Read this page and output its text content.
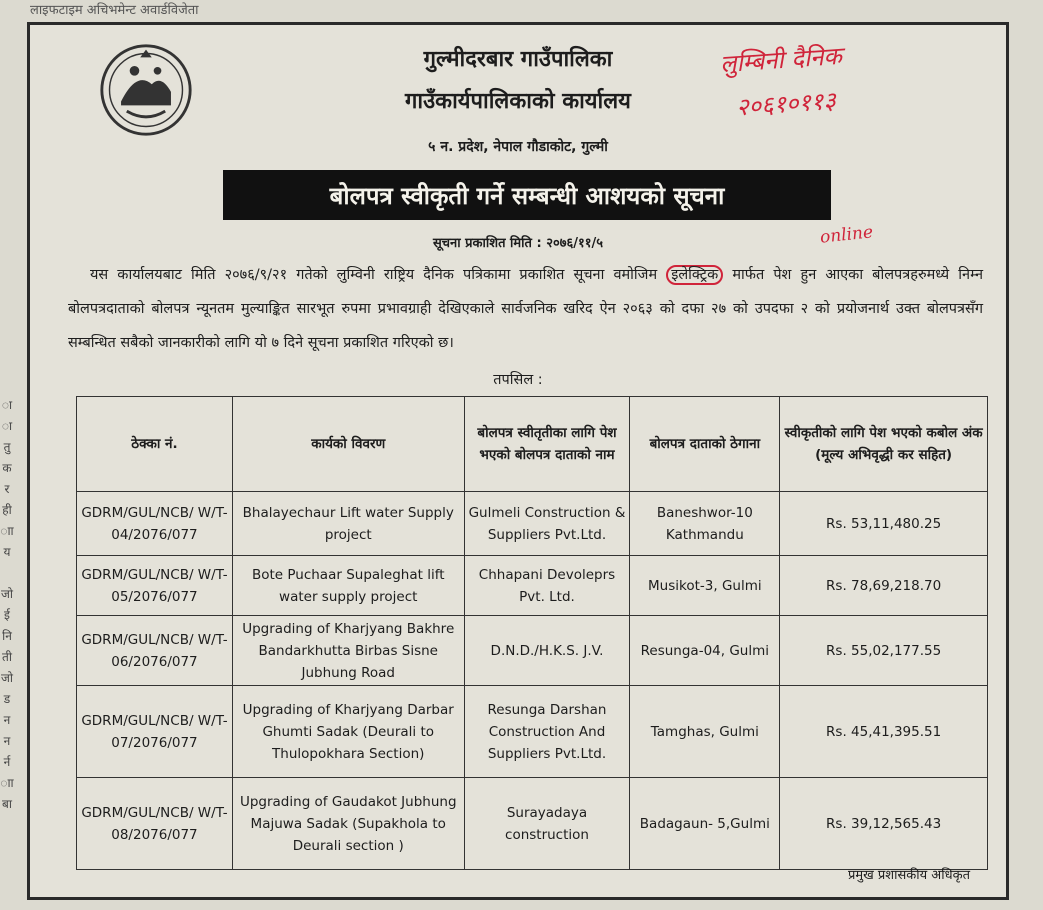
लाइफटाइम अचिभमेन्ट अवार्डविजेता
ा
ा
तु
क
र
ही
ाा
य

जो
ई
नि
ती
जो
ड
न
न
र्न
ाा
बा
गुल्मीदरबार गाउँपालिका
गाउँकार्यपालिकाको कार्यालय
५ न. प्रदेश, नेपाल गौडाकोट, गुल्मी
लुम्बिनी दैनिक
२०६१०११३
online
बोलपत्र स्वीकृती गर्ने सम्बन्धी आशयको सूचना
सूचना प्रकाशित मिति : २०७६/११/५
यस कार्यालयबाट मिति २०७६/९/२१ गतेको लुम्विनी राष्ट्रिय दैनिक पत्रिकामा प्रकाशित सूचना वमोजिम इलेक्ट्रिक मार्फत पेश हुन आएका बोलपत्रहरुमध्ये निम्न बोलपत्रदाताको बोलपत्र न्यूनतम मुल्याङ्कित सारभूत रुपमा प्रभावग्राही देखिएकाले सार्वजनिक खरिद ऐन २०६३ को दफा २७ को उपदफा २ को प्रयोजनार्थ उक्त बोलपत्रसँग सम्बन्धित सबैको जानकारीको लागि यो ७ दिने सूचना प्रकाशित गरिएको छ।
तपसिल :
ठेक्का नं.	कार्यको विवरण	बोलपत्र स्वीतृतीका लागि पेश भएको बोलपत्र दाताको नाम	बोलपत्र दाताको ठेगाना	स्वीकृतीको लागि पेश भएको कबोल अंक (मूल्य अभिवृद्धी कर सहित)
GDRM/GUL/NCB/ W/T-04/2076/077	Bhalayechaur Lift water Supply project	Gulmeli Construction & Suppliers Pvt.Ltd.	Baneshwor-10 Kathmandu	Rs. 53,11,480.25
GDRM/GUL/NCB/ W/T-05/2076/077	Bote Puchaar Supaleghat lift water supply project	Chhapani Devoleprs Pvt. Ltd.	Musikot-3, Gulmi	Rs. 78,69,218.70
GDRM/GUL/NCB/ W/T-06/2076/077	Upgrading of Kharjyang Bakhre Bandarkhutta Birbas Sisne Jubhung Road	D.N.D./H.K.S. J.V.	Resunga-04, Gulmi	Rs. 55,02,177.55
GDRM/GUL/NCB/ W/T-07/2076/077	Upgrading of Kharjyang Darbar Ghumti Sadak (Deurali to Thulopokhara Section)	Resunga Darshan Construction And Suppliers Pvt.Ltd.	Tamghas, Gulmi	Rs. 45,41,395.51
GDRM/GUL/NCB/ W/T-08/2076/077	Upgrading of Gaudakot Jubhung Majuwa Sadak (Supakhola to Deurali section )	Surayadaya construction	Badagaun- 5,Gulmi	Rs. 39,12,565.43
प्रमुख प्रशासकीय अधिकृत
